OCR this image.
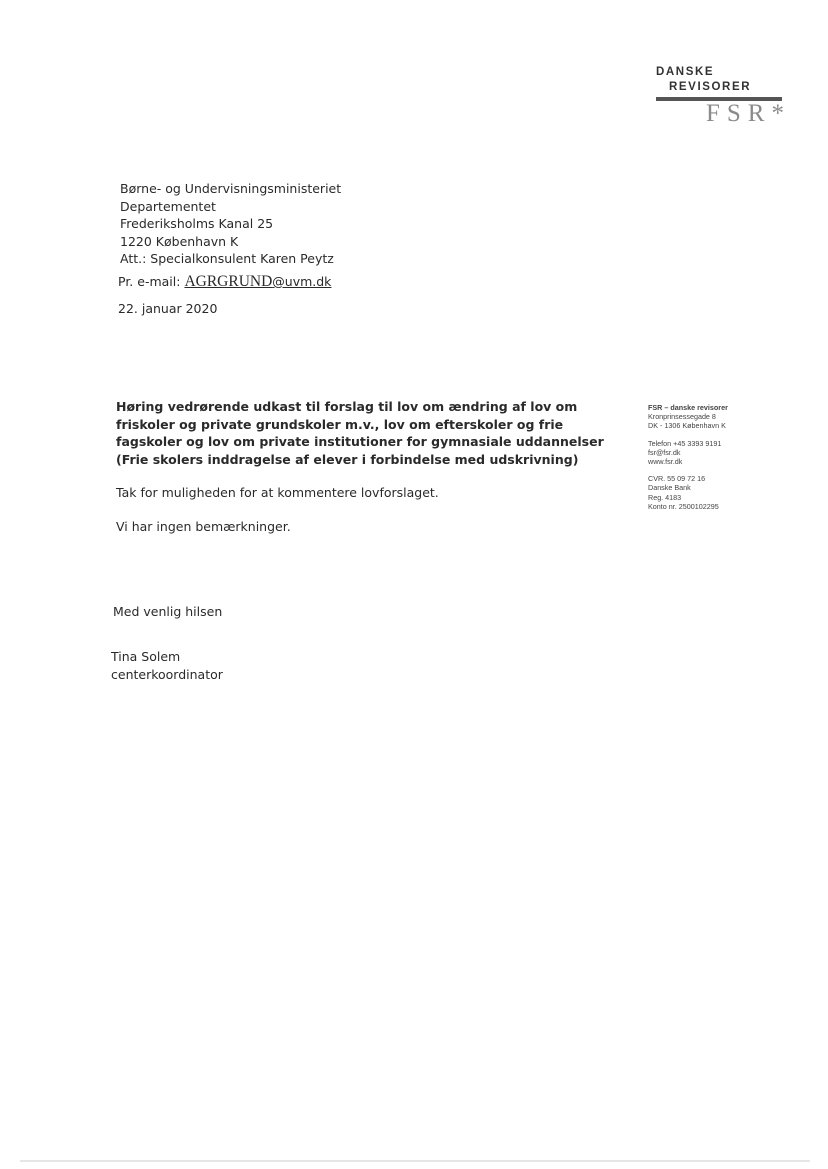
DANSKE
REVISORER
FSR*
Børne- og Undervisningsministeriet
Departementet
Frederiksholms Kanal 25
1220 København K
Att.: Specialkonsulent Karen Peytz
Pr. e-mail: AGRGRUND@uvm.dk
22. januar 2020
Høring vedrørende udkast til forslag til lov om ændring af lov om friskoler og private grundskoler m.v., lov om efterskoler og frie fagskoler og lov om private institutioner for gymnasiale uddannelser (Frie skolers inddragelse af elever i forbindelse med udskrivning)
Tak for muligheden for at kommentere lovforslaget.
Vi har ingen bemærkninger.
Med venlig hilsen
Tina Solem
centerkoordinator
FSR – danske revisorer
Kronprinsessegade 8
DK - 1306 København K
Telefon +45 3393 9191
fsr@fsr.dk
www.fsr.dk
CVR. 55 09 72 16
Danske Bank
Reg. 4183
Konto nr. 2500102295
